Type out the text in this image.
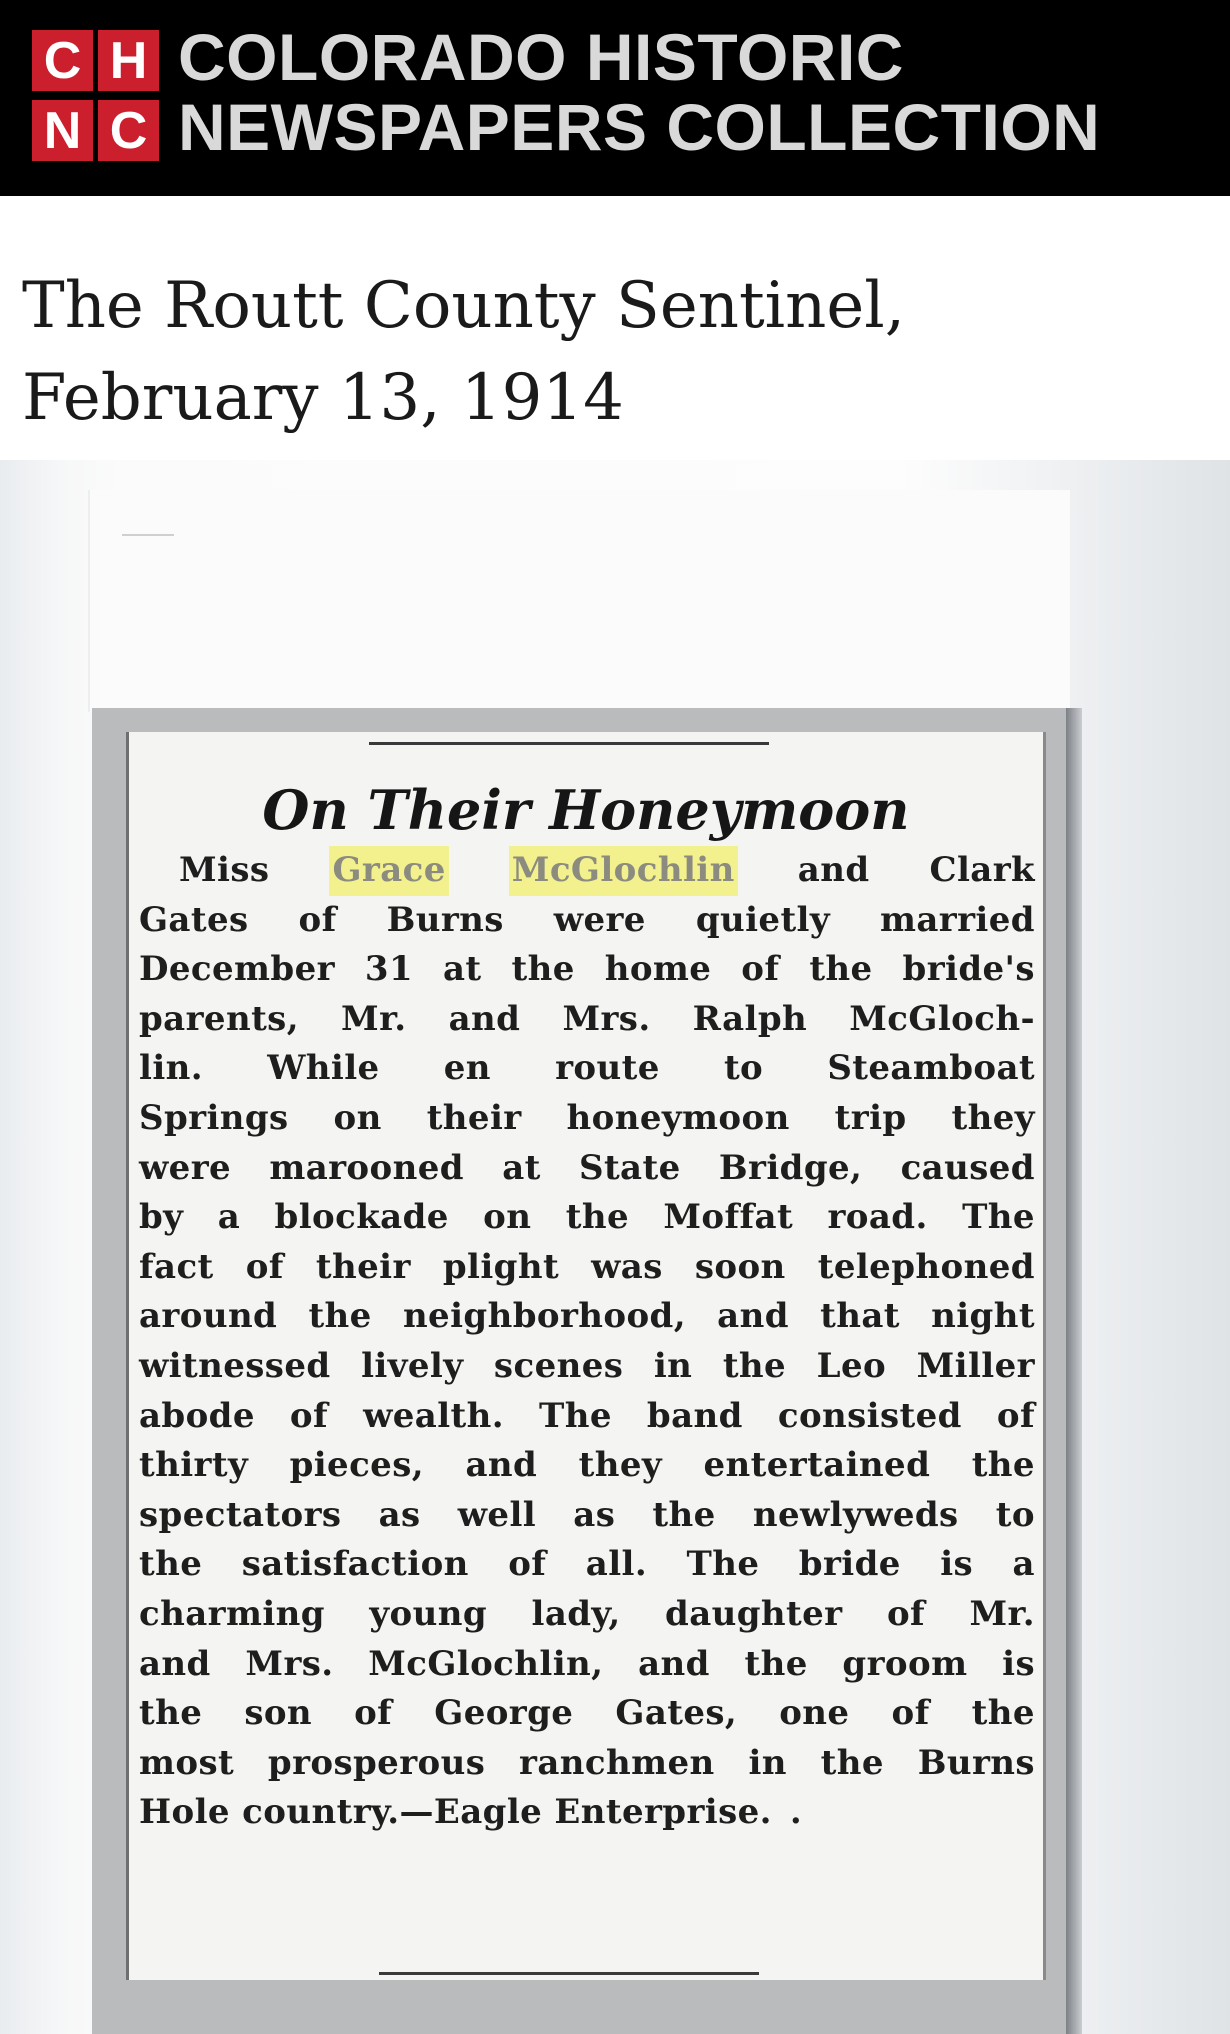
C H
N C
COLORADO HISTORIC
NEWSPAPERS COLLECTION
The Routt County Sentinel,
February 13, 1914
On Their Honeymoon
Miss Grace McGlochlin and Clark
Gates of Burns were quietly married
December 31 at the home of the bride's
parents, Mr. and Mrs. Ralph McGloch-
lin. While en route to Steamboat
Springs on their honeymoon trip they
were marooned at State Bridge, caused
by a blockade on the Moffat road. The
fact of their plight was soon telephoned
around the neighborhood, and that night
witnessed lively scenes in the Leo Miller
abode of wealth. The band consisted of
thirty pieces, and they entertained the
spectators as well as the newlyweds to
the satisfaction of all. The bride is a
charming young lady, daughter of Mr.
and Mrs. McGlochlin, and the groom is
the son of George Gates, one of the
most prosperous ranchmen in the Burns
Hole country.—Eagle Enterprise. .
